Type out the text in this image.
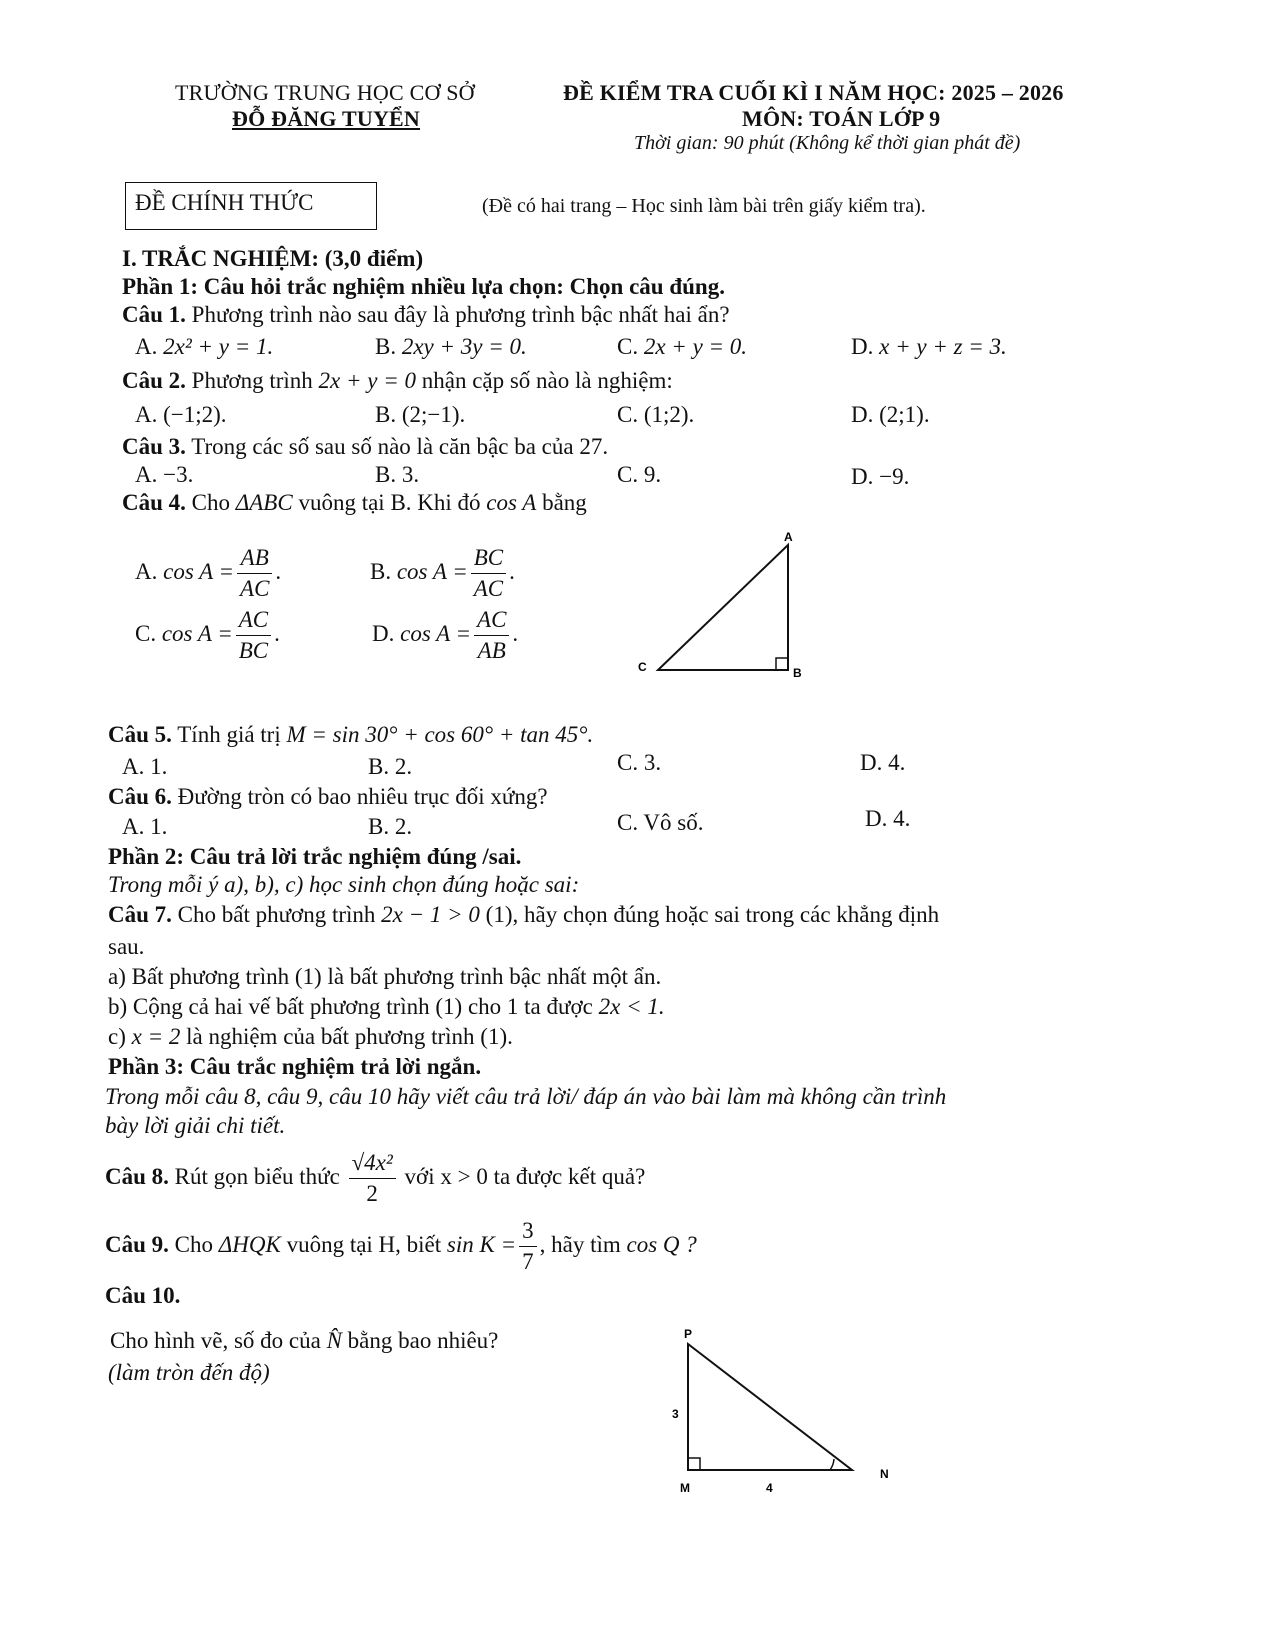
TRƯỜNG TRUNG HỌC CƠ SỞ
ĐỖ ĐĂNG TUYỂN
ĐỀ KIỂM TRA CUỐI KÌ I NĂM HỌC: 2025 – 2026
MÔN: TOÁN LỚP 9
Thời gian: 90 phút (Không kể thời gian phát đề)
ĐỀ CHÍNH THỨC	(Đề có hai trang – Học sinh làm bài trên giấy kiểm tra).
I. TRẮC NGHIỆM: (3,0 điểm)
Phần 1: Câu hỏi trắc nghiệm nhiều lựa chọn: Chọn câu đúng.
Câu 1. Phương trình nào sau đây là phương trình bậc nhất hai ẩn?
A. 2x² + y = 1.	B. 2xy + 3y = 0.	C. 2x + y = 0.	D. x + y + z = 3.
Câu 2. Phương trình 2x + y = 0 nhận cặp số nào là nghiệm:
A. (−1;2).	B. (2;−1).	C. (1;2).	D. (2;1).
Câu 3. Trong các số sau số nào là căn bậc ba của 27.
A. −3.	B. 3.	C. 9.	D. −9.
Câu 4. Cho ΔABC vuông tại B. Khi đó cos A bằng
A. $\cos A = \frac{AB}{AC}$ .	B. $\cos A = \frac{BC}{AC}$ .
C. $\cos A = \frac{AC}{BC}$ .	D. $\cos A = \frac{AC}{AB}$ .
A
B
C
Câu 5. Tính giá trị M = sin 30° + cos 60° + tan 45°.
A. 1.	B. 2.	C. 3.	D. 4.
Câu 6. Đường tròn có bao nhiêu trục đối xứng?
A. 1.	B. 2.	C. Vô số.	D. 4.
Phần 2: Câu trả lời trắc nghiệm đúng /sai.
Trong mỗi ý a), b), c) học sinh chọn đúng hoặc sai:
Câu 7. Cho bất phương trình 2x − 1 > 0 (1), hãy chọn đúng hoặc sai trong các khẳng định
sau.
a) Bất phương trình (1) là bất phương trình bậc nhất một ẩn.
b) Cộng cả hai vế bất phương trình (1) cho 1 ta được 2x < 1.
c) x = 2 là nghiệm của bất phương trình (1).
Phần 3: Câu trắc nghiệm trả lời ngắn.
Trong mỗi câu 8, câu 9, câu 10 hãy viết câu trả lời/ đáp án vào bài làm mà không cần trình
bày lời giải chi tiết.
Câu 8. Rút gọn biểu thức $\frac{\text{√4x²}}{2}$ với x > 0 ta được kết quả?
Câu 9. Cho ΔHQK vuông tại H, biết $\sin K = \frac{3}{7}$ , hãy tìm cos Q ?
Câu 10.
Cho hình vẽ, số đo của N̂ bằng bao nhiêu?
(làm tròn đến độ)
P
M
N
3
4
